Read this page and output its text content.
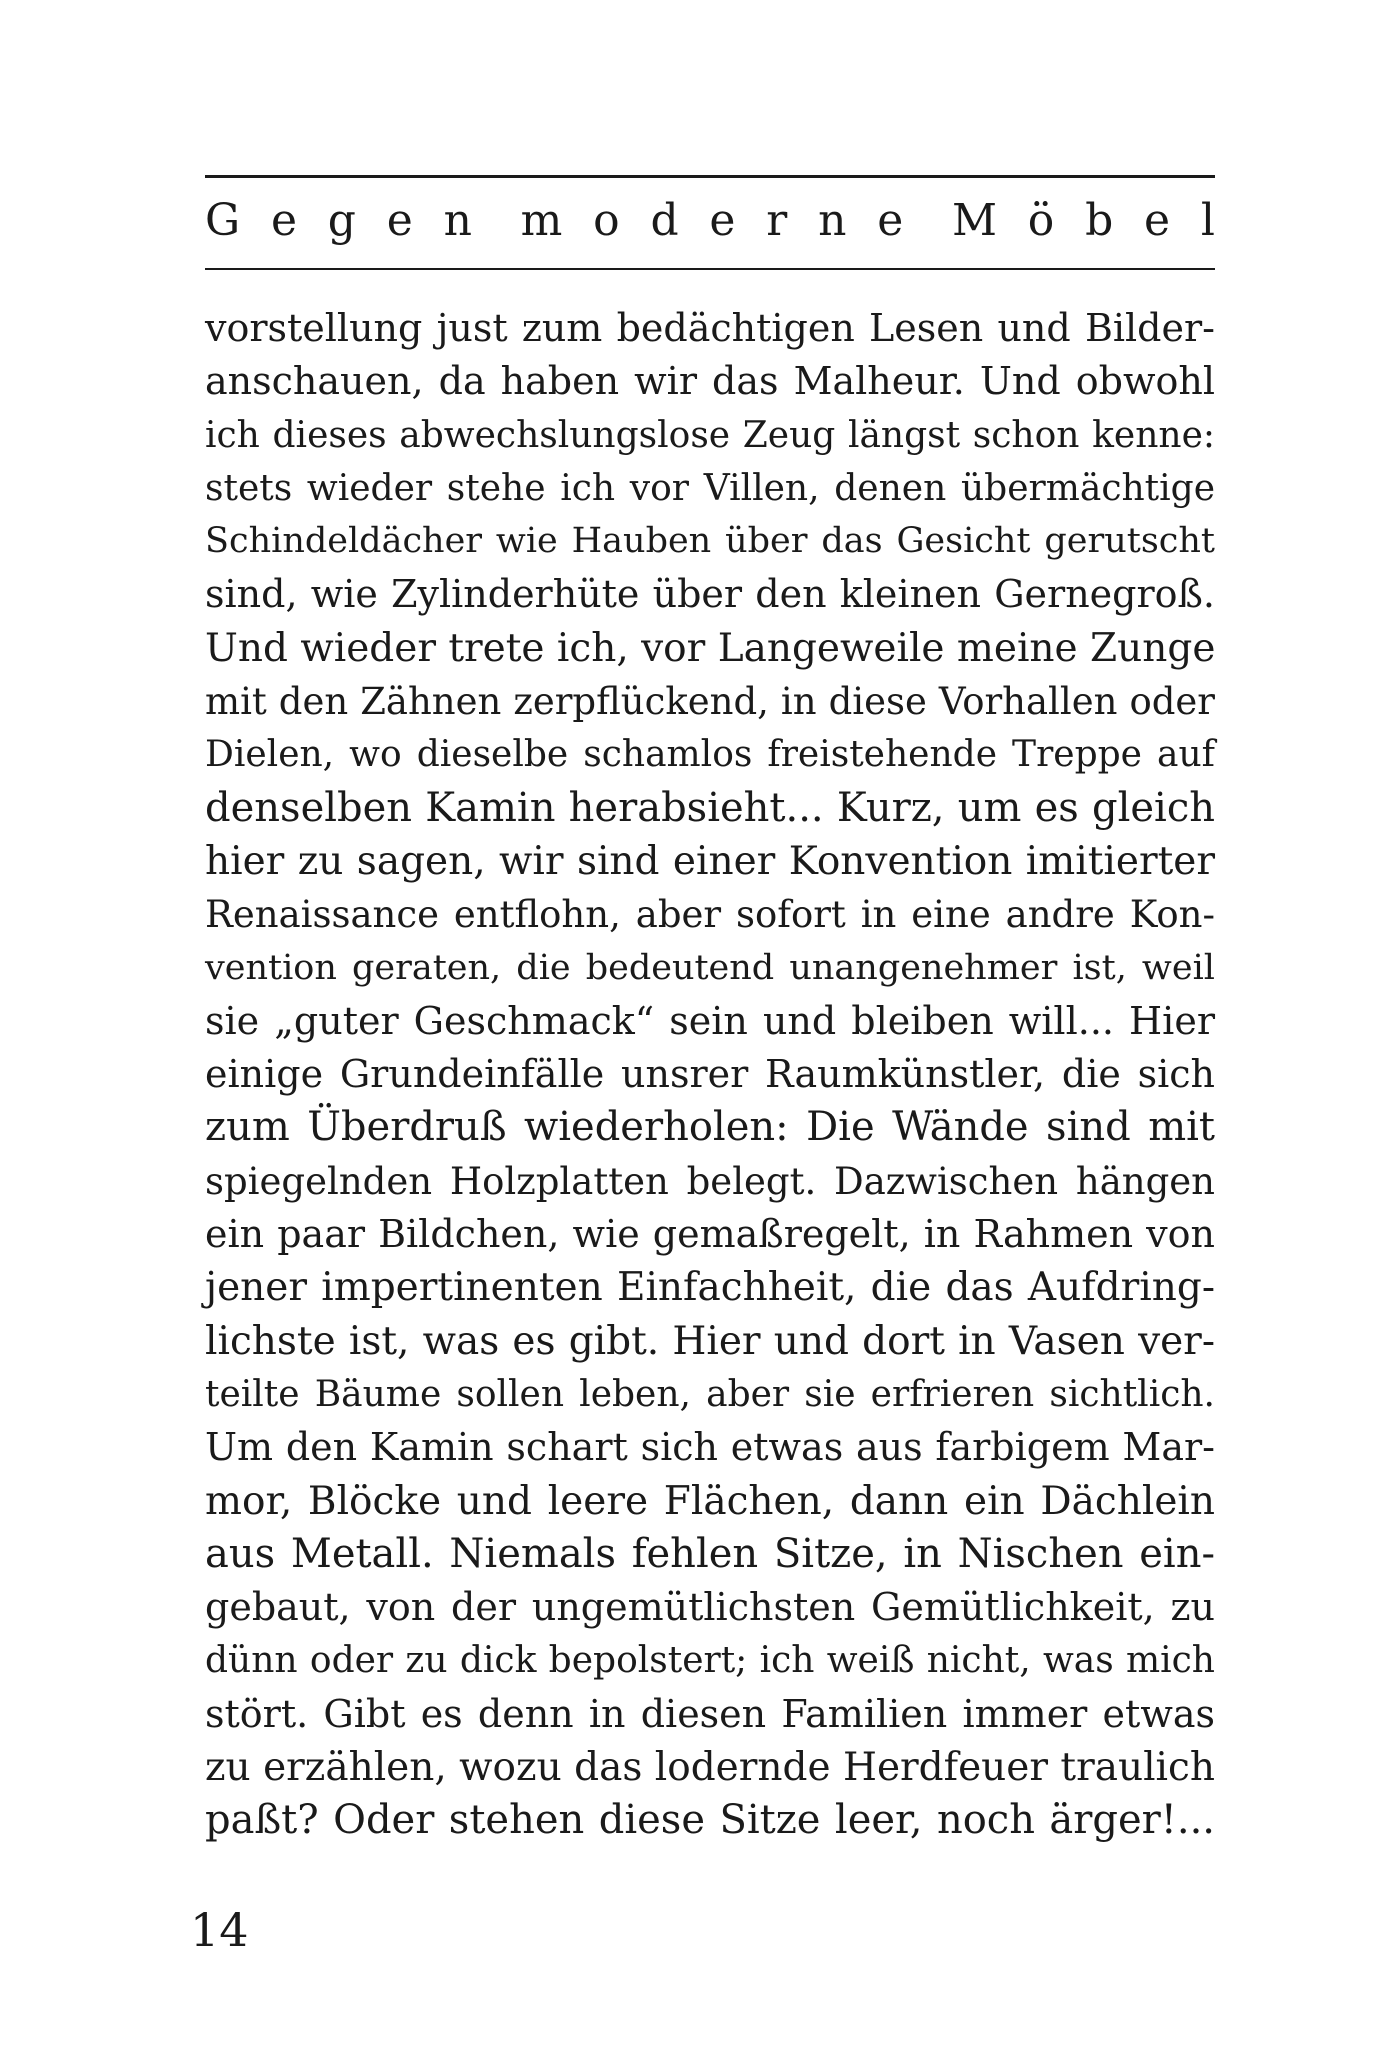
Gegen moderne Möbel
vorstellung just zum bedächtigen Lesen und Bilder-
anschauen, da haben wir das Malheur. Und obwohl
ich dieses abwechslungslose Zeug längst schon kenne:
stets wieder stehe ich vor Villen, denen übermächtige
Schindeldächer wie Hauben über das Gesicht gerutscht
sind, wie Zylinderhüte über den kleinen Gernegroß.
Und wieder trete ich, vor Langeweile meine Zunge
mit den Zähnen zerpflückend, in diese Vorhallen oder
Dielen, wo dieselbe schamlos freistehende Treppe auf
denselben Kamin herabsieht... Kurz, um es gleich
hier zu sagen, wir sind einer Konvention imitierter
Renaissance entflohn, aber sofort in eine andre Kon-
vention geraten, die bedeutend unangenehmer ist, weil
sie „guter Geschmack“ sein und bleiben will... Hier
einige Grundeinfälle unsrer Raumkünstler, die sich
zum Überdruß wiederholen: Die Wände sind mit
spiegelnden Holzplatten belegt. Dazwischen hängen
ein paar Bildchen, wie gemaßregelt, in Rahmen von
jener impertinenten Einfachheit, die das Aufdring-
lichste ist, was es gibt. Hier und dort in Vasen ver-
teilte Bäume sollen leben, aber sie erfrieren sichtlich.
Um den Kamin schart sich etwas aus farbigem Mar-
mor, Blöcke und leere Flächen, dann ein Dächlein
aus Metall. Niemals fehlen Sitze, in Nischen ein-
gebaut, von der ungemütlichsten Gemütlichkeit, zu
dünn oder zu dick bepolstert; ich weiß nicht, was mich
stört. Gibt es denn in diesen Familien immer etwas
zu erzählen, wozu das lodernde Herdfeuer traulich
paßt? Oder stehen diese Sitze leer, noch ärger!...
14
